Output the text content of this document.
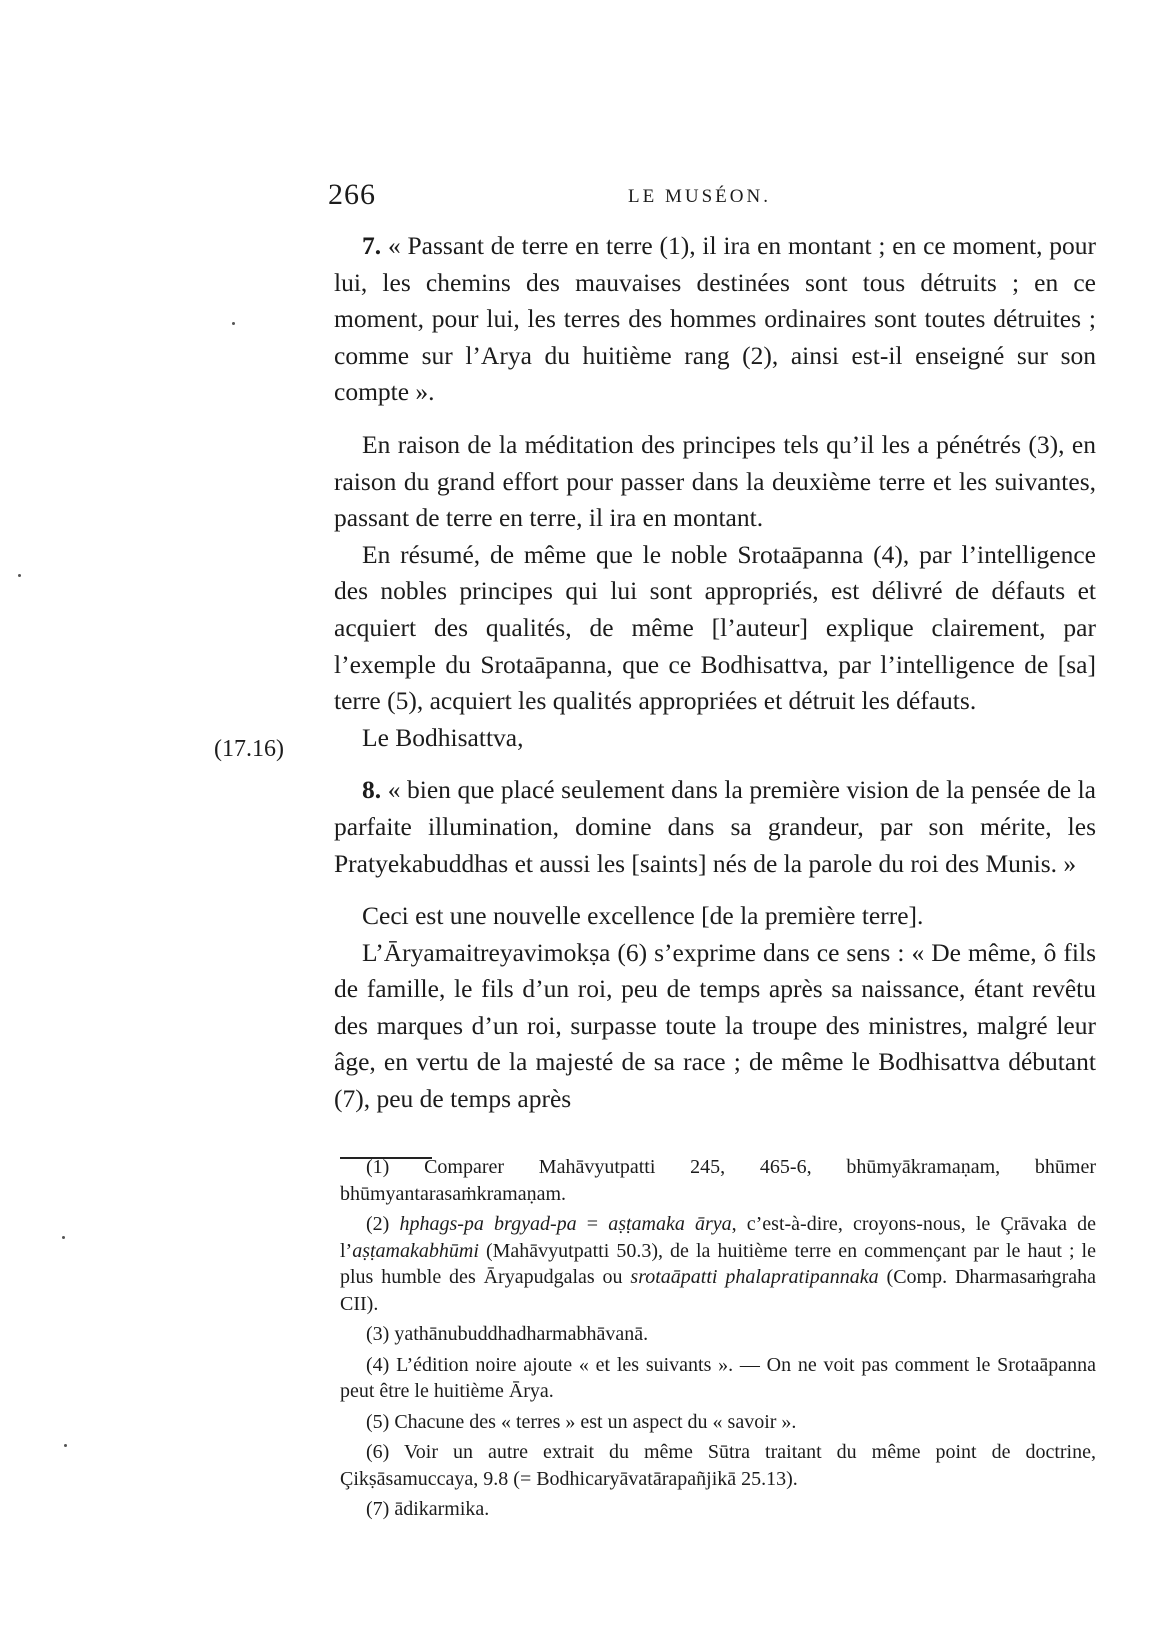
266	LE MUSÉON.
(17.16)

7. « Passant de terre en terre (1), il ira en montant ; en ce moment, pour lui, les chemins des mauvaises destinées sont tous détruits ; en ce moment, pour lui, les terres des hommes ordinaires sont toutes détruites ; comme sur l’Arya du huitième rang (2), ainsi est-il enseigné sur son compte ».

En raison de la méditation des principes tels qu’il les a pénétrés (3), en raison du grand effort pour passer dans la deuxième terre et les suivantes, passant de terre en terre, il ira en montant.

En résumé, de même que le noble Srotaāpanna (4), par l’intelligence des nobles principes qui lui sont appropriés, est délivré de défauts et acquiert des qualités, de même [l’auteur] explique clairement, par l’exemple du Srotaāpanna, que ce Bodhisattva, par l’intelligence de [sa] terre (5), acquiert les qualités appropriées et détruit les défauts.

Le Bodhisattva,

8. « bien que placé seulement dans la première vision de la pensée de la parfaite illumination, domine dans sa grandeur, par son mérite, les Pratyekabuddhas et aussi les [saints] nés de la parole du roi des Munis. »

Ceci est une nouvelle excellence [de la première terre].

L’Āryamaitreyavimokṣa (6) s’exprime dans ce sens : « De même, ô fils de famille, le fils d’un roi, peu de temps après sa naissance, étant revêtu des marques d’un roi, surpasse toute la troupe des ministres, malgré leur âge, en vertu de la majesté de sa race ; de même le Bodhisattva débutant (7), peu de temps après

(1) Comparer Mahāvyutpatti 245, 465-6, bhūmyākramaṇam, bhūmer bhūmyantarasaṁkramaṇam.

(2) hphags-pa brgyad-pa = aṣṭamaka ārya, c’est-à-dire, croyons-nous, le Çrāvaka de l’aṣṭamakabhūmi (Mahāvyutpatti 50.3), de la huitième terre en commençant par le haut ; le plus humble des Āryapudgalas ou srotaāpatti phalapratipannaka (Comp. Dharmasaṁgraha CII).

(3) yathānubuddhadharmabhāvanā.

(4) L’édition noire ajoute « et les suivants ». — On ne voit pas comment le Srotaāpanna peut être le huitième Ārya.

(5) Chacune des « terres » est un aspect du « savoir ».

(6) Voir un autre extrait du même Sūtra traitant du même point de doctrine, Çikṣāsamuccaya, 9.8 (= Bodhicaryāvatārapañjikā 25.13).

(7) ādikarmika.
